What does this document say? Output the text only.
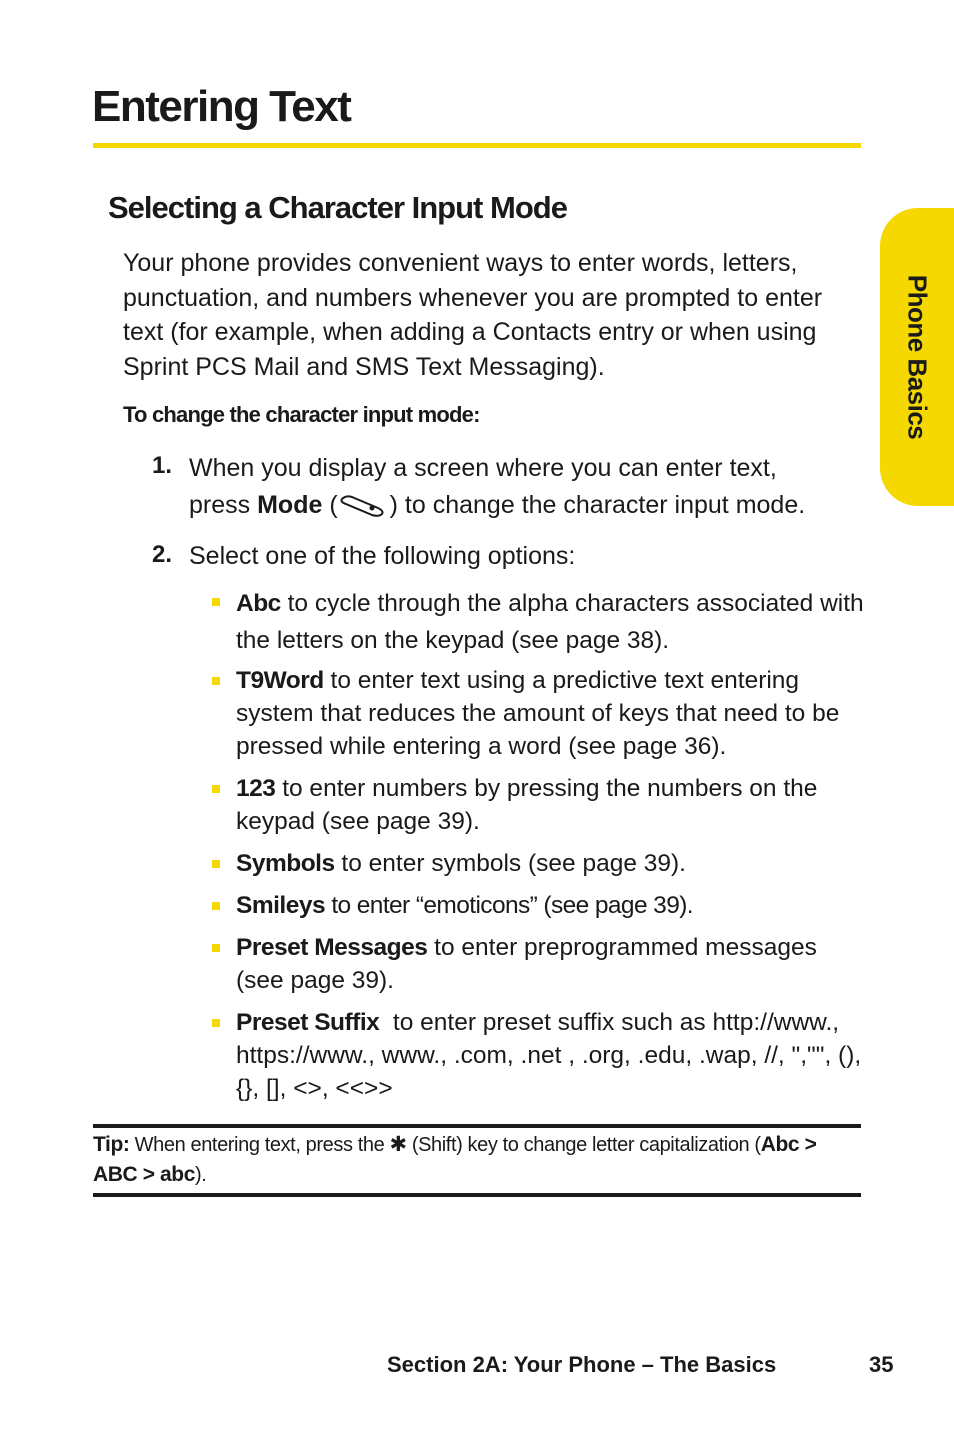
Entering Text
Selecting a Character Input Mode

Your phone provides convenient ways to enter words, letters, punctuation, and numbers whenever you are prompted to enter text (for example, when adding a Contacts entry or when using Sprint PCS Mail and SMS Text Messaging).

To change the character input mode:

1. When you display a screen where you can enter text,
press Mode ( ) to change the character input mode.
2. Select one of the following options:
Abc to cycle through the alpha characters associated with the letters on the keypad (see page 38).
T9Word to enter text using a predictive text entering system that reduces the amount of keys that need to be pressed while entering a word (see page 36).
123 to enter numbers by pressing the numbers on the keypad (see page 39).
Symbols to enter symbols (see page 39).
Smileys to enter “emoticons” (see page 39).
Preset Messages to enter preprogrammed messages (see page 39).
Preset Suffix  to enter preset suffix such as http://www., https://www., www., .com, .net , .org, .edu, .wap, //, ","", (), {}, [], <>, <<>>
Tip: When entering text, press the ✱ (Shift) key to change letter capitalization (Abc > ABC > abc).
Phone Basics
Section 2A: Your Phone – The Basics	35
